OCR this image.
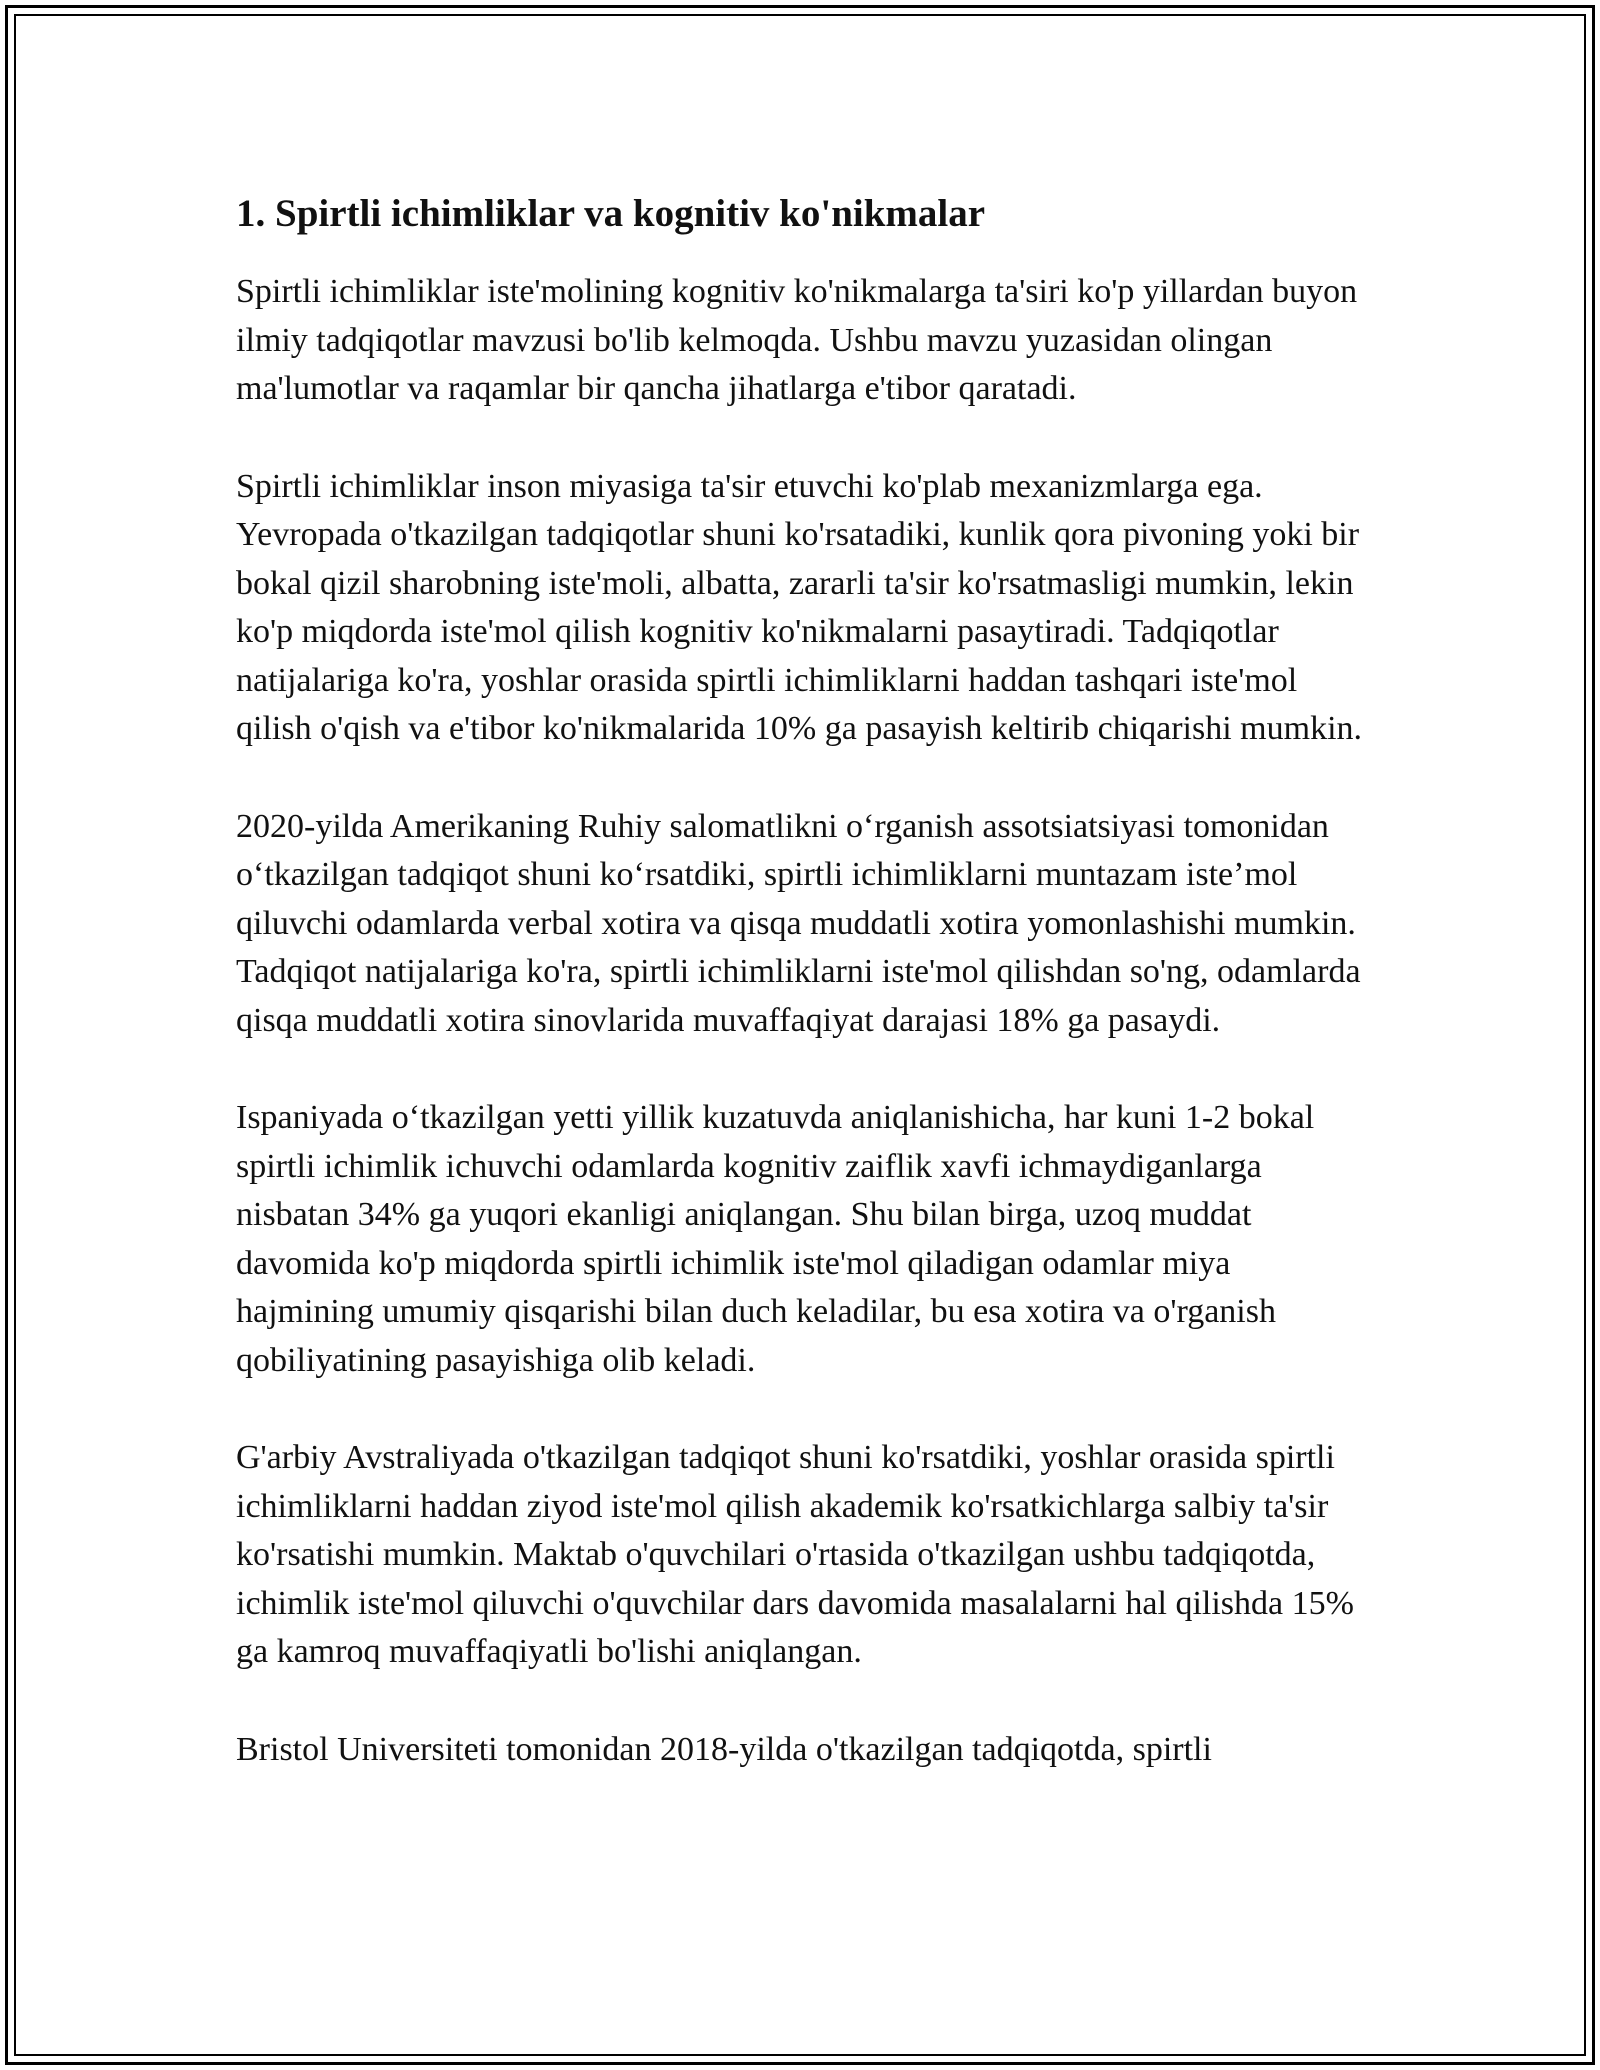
1. Spirtli ichimliklar va kognitiv ko'nikmalar

Spirtli ichimliklar iste'molining kognitiv ko'nikmalarga ta'siri ko'p yillardan buyon ilmiy tadqiqotlar mavzusi bo'lib kelmoqda. Ushbu mavzu yuzasidan olingan ma'lumotlar va raqamlar bir qancha jihatlarga e'tibor qaratadi.

Spirtli ichimliklar inson miyasiga ta'sir etuvchi ko'plab mexanizmlarga ega. Yevropada o'tkazilgan tadqiqotlar shuni ko'rsatadiki, kunlik qora pivoning yoki bir bokal qizil sharobning iste'moli, albatta, zararli ta'sir ko'rsatmasligi mumkin, lekin ko'p miqdorda iste'mol qilish kognitiv ko'nikmalarni pasaytiradi. Tadqiqotlar natijalariga ko'ra, yoshlar orasida spirtli ichimliklarni haddan tashqari iste'mol qilish o'qish va e'tibor ko'nikmalarida 10% ga pasayish keltirib chiqarishi mumkin.

2020-yilda Amerikaning Ruhiy salomatlikni o‘rganish assotsiatsiyasi tomonidan o‘tkazilgan tadqiqot shuni ko‘rsatdiki, spirtli ichimliklarni muntazam iste’mol qiluvchi odamlarda verbal xotira va qisqa muddatli xotira yomonlashishi mumkin. Tadqiqot natijalariga ko'ra, spirtli ichimliklarni iste'mol qilishdan so'ng, odamlarda qisqa muddatli xotira sinovlarida muvaffaqiyat darajasi 18% ga pasaydi.

Ispaniyada o‘tkazilgan yetti yillik kuzatuvda aniqlanishicha, har kuni 1-2 bokal spirtli ichimlik ichuvchi odamlarda kognitiv zaiflik xavfi ichmaydiganlarga nisbatan 34% ga yuqori ekanligi aniqlangan. Shu bilan birga, uzoq muddat davomida ko'p miqdorda spirtli ichimlik iste'mol qiladigan odamlar miya hajmining umumiy qisqarishi bilan duch keladilar, bu esa xotira va o'rganish qobiliyatining pasayishiga olib keladi.

G'arbiy Avstraliyada o'tkazilgan tadqiqot shuni ko'rsatdiki, yoshlar orasida spirtli ichimliklarni haddan ziyod iste'mol qilish akademik ko'rsatkichlarga salbiy ta'sir ko'rsatishi mumkin. Maktab o'quvchilari o'rtasida o'tkazilgan ushbu tadqiqotda, ichimlik iste'mol qiluvchi o'quvchilar dars davomida masalalarni hal qilishda 15% ga kamroq muvaffaqiyatli bo'lishi aniqlangan.

Bristol Universiteti tomonidan 2018-yilda o'tkazilgan tadqiqotda, spirtli
